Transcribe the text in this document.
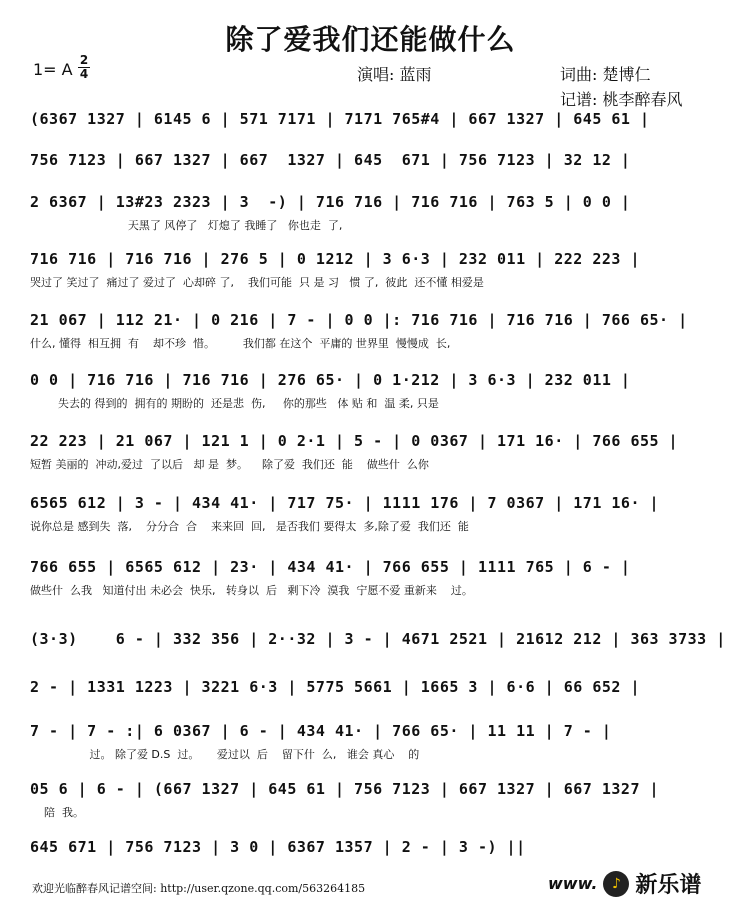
除了爱我们还能做什么
1= A 2
4	演唱: 蓝雨	词曲: 楚博仁
记谱: 桃李醉春风
(6367 1327 | 6145 6 | 571 7171 | 7171 765#4 | 667 1327 | 645 61 |
756 7123 | 667 1327 | 667  1327 | 645  671 | 756 7123 | 32 12 |
2 6367 | 13#23 2323 | 3  -) | 716 716 | 716 716 | 763 5 | 0 0 |
天黑了 风停了   灯熄了 我睡了   你也走  了,
716 716 | 716 716 | 276 5 | 0 1212 | 3 6·3 | 232 011 | 222 223 |
哭过了 笑过了  痛过了 爱过了  心却碎 了,    我们可能  只 是 习   惯 了,  彼此  还不懂 相爱是
21 067 | 112 21· | 0 216 | 7 - | 0 0 |: 716 716 | 716 716 | 766 65· |
什么, 懂得  相互拥  有    却不珍  惜。        我们都 在这个  平庸的 世界里  慢慢成  长,
0 0 | 716 716 | 716 716 | 276 65· | 0 1·212 | 3 6·3 | 232 011 |
失去的 得到的  拥有的 期盼的  还是悲  伤,     你的那些   体 贴 和  温 柔, 只是
22 223 | 21 067 | 121 1 | 0 2·1 | 5 - | 0 0367 | 171 16· | 766 655 |
短暂 美丽的  冲动,爱过  了以后   却 是  梦。    除了爱  我们还  能    做些什  么你
6565 612 | 3 - | 434 41· | 717 75· | 1111 176 | 7 0367 | 171 16· |
说你总是 感到失  落,    分分合  合    来来回  回,   是否我们 要得太  多,除了爱  我们还  能
766 655 | 6565 612 | 23· | 434 41· | 766 655 | 1111 765 | 6 - |
做些什  么我   知道付出 未必会  快乐,   转身以  后   剩下冷  漠我  宁愿不爱 重新来    过。
(3·3)    6 - | 332 356 | 2··32 | 3 - | 4671 2521 | 21612 212 | 363 3733 |
2 - | 1331 1223 | 3221 6·3 | 5775 5661 | 1665 3 | 6·6 | 66 652 |
7 - | 7 - :| 6 0367 | 6 - | 434 41· | 766 65· | 11 11 | 7 - |
过。 除了爱 D.S  过。     爱过以  后    留下什  么,   谁会 真心    的
05 6 | 6 - | (667 1327 | 645 61 | 756 7123 | 667 1327 | 667 1327 |
陪  我。
645 671 | 756 7123 | 3 0 | 6367 1357 | 2 - | 3 -) ||
欢迎光临醉春风记谱空间: http://user.qzone.qq.com/563264185	www.	♪ 新乐谱
